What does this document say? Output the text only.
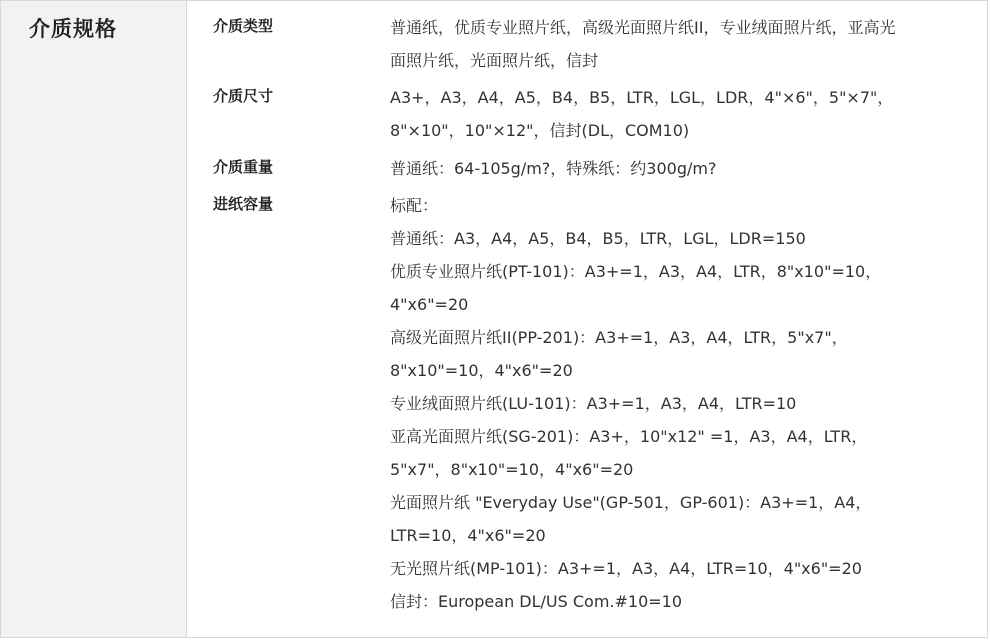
介质规格	介质类型	普通纸，优质专业照片纸，高级光面照片纸II，专业绒面照片纸，亚高光
面照片纸，光面照片纸，信封
介质尺寸	A3+，A3，A4，A5，B4，B5，LTR，LGL，LDR，4"×6"，5"×7"，
8"×10"，10"×12"，信封(DL，COM10)
介质重量	普通纸：64-105g/m?，特殊纸：约300g/m?
进纸容量	标配：
普通纸：A3，A4，A5，B4，B5，LTR，LGL，LDR=150
优质专业照片纸(PT-101)：A3+=1，A3，A4，LTR，8"x10"=10，
4"x6"=20
高级光面照片纸II(PP-201)：A3+=1，A3，A4，LTR，5"x7"，
8"x10"=10，4"x6"=20
专业绒面照片纸(LU-101)：A3+=1，A3，A4，LTR=10
亚高光面照片纸(SG-201)：A3+，10"x12" =1，A3，A4，LTR，
5"x7"，8"x10"=10，4"x6"=20
光面照片纸 "Everyday Use"(GP-501，GP-601)：A3+=1，A4，
LTR=10，4"x6"=20
无光照片纸(MP-101)：A3+=1，A3，A4，LTR=10，4"x6"=20
信封：European DL/US Com.#10=10
